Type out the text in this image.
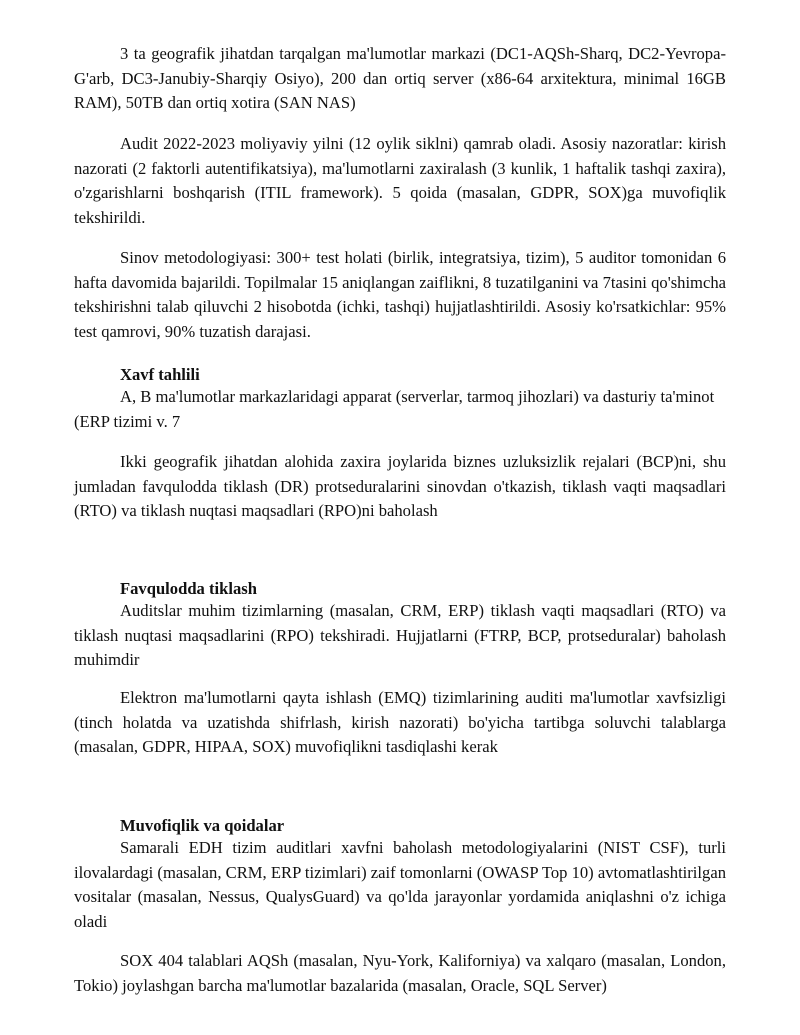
3 ta geografik jihatdan tarqalgan ma'lumotlar markazi (DC1-AQSh-Sharq, DC2-Yevropa-G'arb, DC3-Janubiy-Sharqiy Osiyo), 200 dan ortiq server (x86-64 arxitektura, minimal 16GB RAM), 50TB dan ortiq xotira (SAN NAS)

Audit 2022-2023 moliyaviy yilni (12 oylik siklni) qamrab oladi. Asosiy nazoratlar: kirish nazorati (2 faktorli autentifikatsiya), ma'lumotlarni zaxiralash (3 kunlik, 1 haftalik tashqi zaxira), o'zgarishlarni boshqarish (ITIL framework). 5 qoida (masalan, GDPR, SOX)ga muvofiqlik tekshirildi.

Sinov metodologiyasi: 300+ test holati (birlik, integratsiya, tizim), 5 auditor tomonidan 6 hafta davomida bajarildi. Topilmalar 15 aniqlangan zaiflikni, 8 tuzatilganini va 7tasini qo'shimcha tekshirishni talab qiluvchi 2 hisobotda (ichki, tashqi) hujjatlashtirildi. Asosiy ko'rsatkichlar: 95% test qamrovi, 90% tuzatish darajasi.

Xavf tahlili

A, B ma'lumotlar markazlaridagi apparat (serverlar, tarmoq jihozlari) va dasturiy ta'minot (ERP tizimi v. 7

Ikki geografik jihatdan alohida zaxira joylarida biznes uzluksizlik rejalari (BCP)ni, shu jumladan favqulodda tiklash (DR) protseduralarini sinovdan o'tkazish, tiklash vaqti maqsadlari (RTO) va tiklash nuqtasi maqsadlari (RPO)ni baholash

Favqulodda tiklash

Auditslar muhim tizimlarning (masalan, CRM, ERP) tiklash vaqti maqsadlari (RTO) va tiklash nuqtasi maqsadlarini (RPO) tekshiradi. Hujjatlarni (FTRP, BCP, protseduralar) baholash muhimdir

Elektron ma'lumotlarni qayta ishlash (EMQ) tizimlarining auditi ma'lumotlar xavfsizligi (tinch holatda va uzatishda shifrlash, kirish nazorati) bo'yicha tartibga soluvchi talablarga (masalan, GDPR, HIPAA, SOX) muvofiqlikni tasdiqlashi kerak

Muvofiqlik va qoidalar

Samarali EDH tizim auditlari xavfni baholash metodologiyalarini (NIST CSF), turli ilovalardagi (masalan, CRM, ERP tizimlari) zaif tomonlarni (OWASP Top 10) avtomatlashtirilgan vositalar (masalan, Nessus, QualysGuard) va qo'lda jarayonlar yordamida aniqlashni o'z ichiga oladi

SOX 404 talablari AQSh (masalan, Nyu-York, Kaliforniya) va xalqaro (masalan, London, Tokio) joylashgan barcha ma'lumotlar bazalarida (masalan, Oracle, SQL Server)
